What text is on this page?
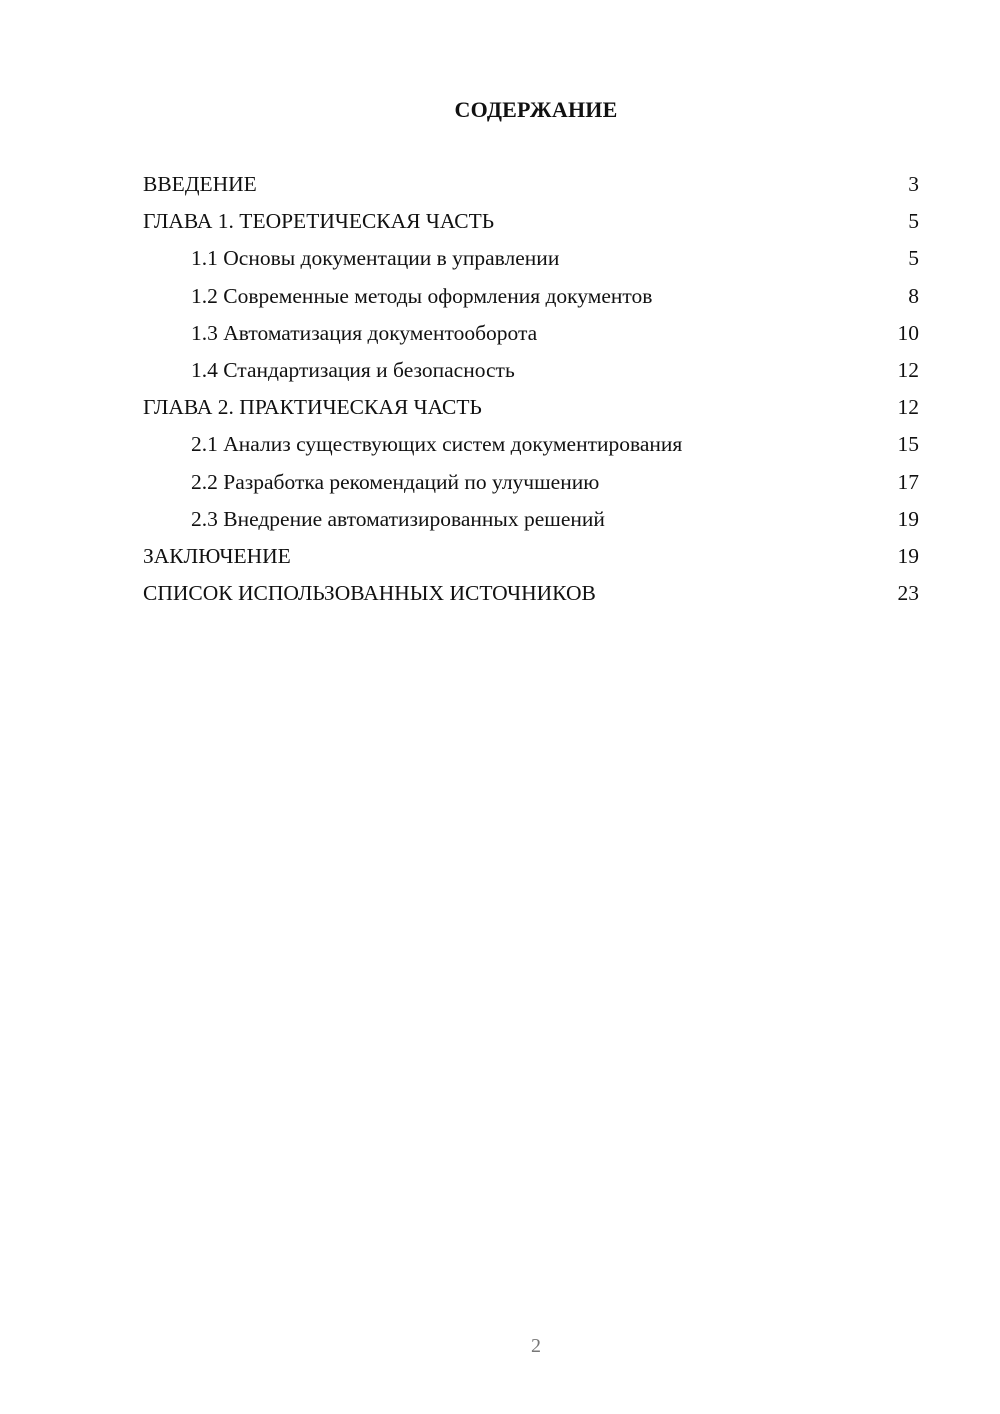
СОДЕРЖАНИЕ
ВВЕДЕНИЕ	3
ГЛАВА 1. ТЕОРЕТИЧЕСКАЯ ЧАСТЬ	5
1.1 Основы документации в управлении	5
1.2 Современные методы оформления документов	8
1.3 Автоматизация документооборота	10
1.4 Стандартизация и безопасность	12
ГЛАВА 2. ПРАКТИЧЕСКАЯ ЧАСТЬ	12
2.1 Анализ существующих систем документирования	15
2.2 Разработка рекомендаций по улучшению	17
2.3 Внедрение автоматизированных решений	19
ЗАКЛЮЧЕНИЕ	19
СПИСОК ИСПОЛЬЗОВАННЫХ ИСТОЧНИКОВ	23
2
